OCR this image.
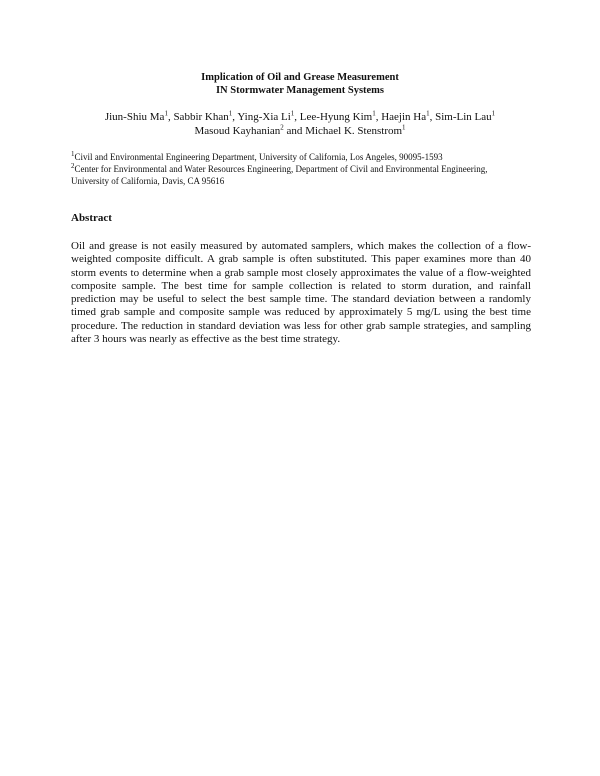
Implication of Oil and Grease Measurement
IN Stormwater Management Systems
Jiun-Shiu Ma$^1$, Sabbir Khan$^1$, Ying-Xia Li$^1$, Lee-Hyung Kim$^1$, Haejin Ha$^1$, Sim-Lin Lau$^1$
Masoud Kayhanian$^2$ and Michael K. Stenstrom$^1$
$^1$Civil and Environmental Engineering Department, University of California, Los Angeles, 90095-1593
$^2$Center for Environmental and Water Resources Engineering, Department of Civil and Environmental Engineering,
University of California, Davis, CA 95616
Abstract
Oil and grease is not easily measured by automated samplers, which makes the collection of a flow-weighted composite difficult. A grab sample is often substituted. This paper examines more than 40 storm events to determine when a grab sample most closely approximates the value of a flow-weighted composite sample. The best time for sample collection is related to storm duration, and rainfall prediction may be useful to select the best sample time. The standard deviation between a randomly timed grab sample and composite sample was reduced by approximately 5 mg/L using the best time procedure. The reduction in standard deviation was less for other grab sample strategies, and sampling after 3 hours was nearly as effective as the best time strategy.
